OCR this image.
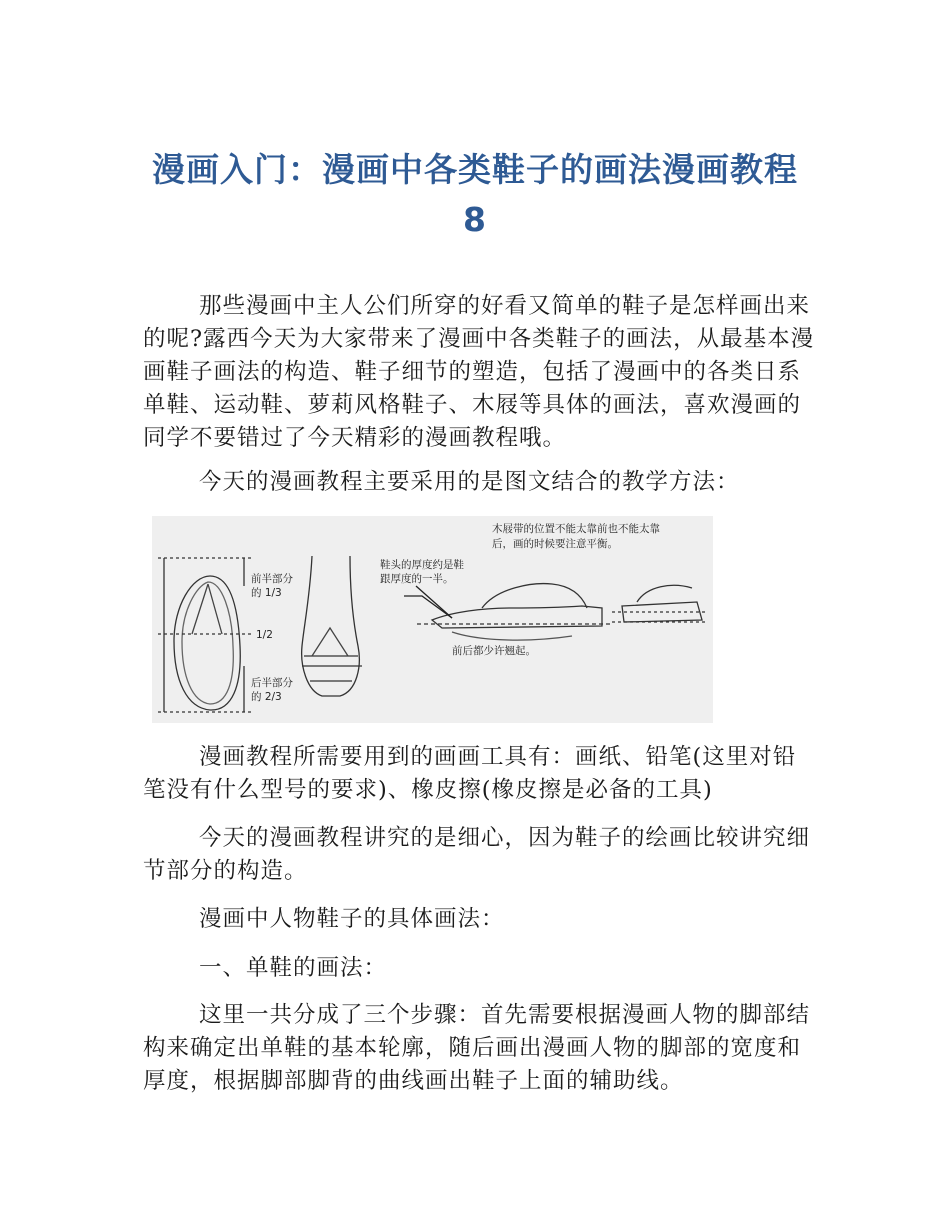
漫画入门：漫画中各类鞋子的画法漫画教程
8

那些漫画中主人公们所穿的好看又简单的鞋子是怎样画出来的呢?露西今天为大家带来了漫画中各类鞋子的画法，从最基本漫画鞋子画法的构造、鞋子细节的塑造，包括了漫画中的各类日系单鞋、运动鞋、萝莉风格鞋子、木屐等具体的画法，喜欢漫画的同学不要错过了今天精彩的漫画教程哦。

今天的漫画教程主要采用的是图文结合的教学方法：

前半部分
的 1/3
1/2
后半部分
的 2/3
鞋头的厚度约是鞋
跟厚度的一半。
木屐带的位置不能太靠前也不能太靠
后，画的时候要注意平衡。
前后都少许翘起。

漫画教程所需要用到的画画工具有：画纸、铅笔(这里对铅笔没有什么型号的要求)、橡皮擦(橡皮擦是必备的工具)

今天的漫画教程讲究的是细心，因为鞋子的绘画比较讲究细节部分的构造。

漫画中人物鞋子的具体画法：

一、单鞋的画法：

这里一共分成了三个步骤：首先需要根据漫画人物的脚部结构来确定出单鞋的基本轮廓，随后画出漫画人物的脚部的宽度和厚度，根据脚部脚背的曲线画出鞋子上面的辅助线。
